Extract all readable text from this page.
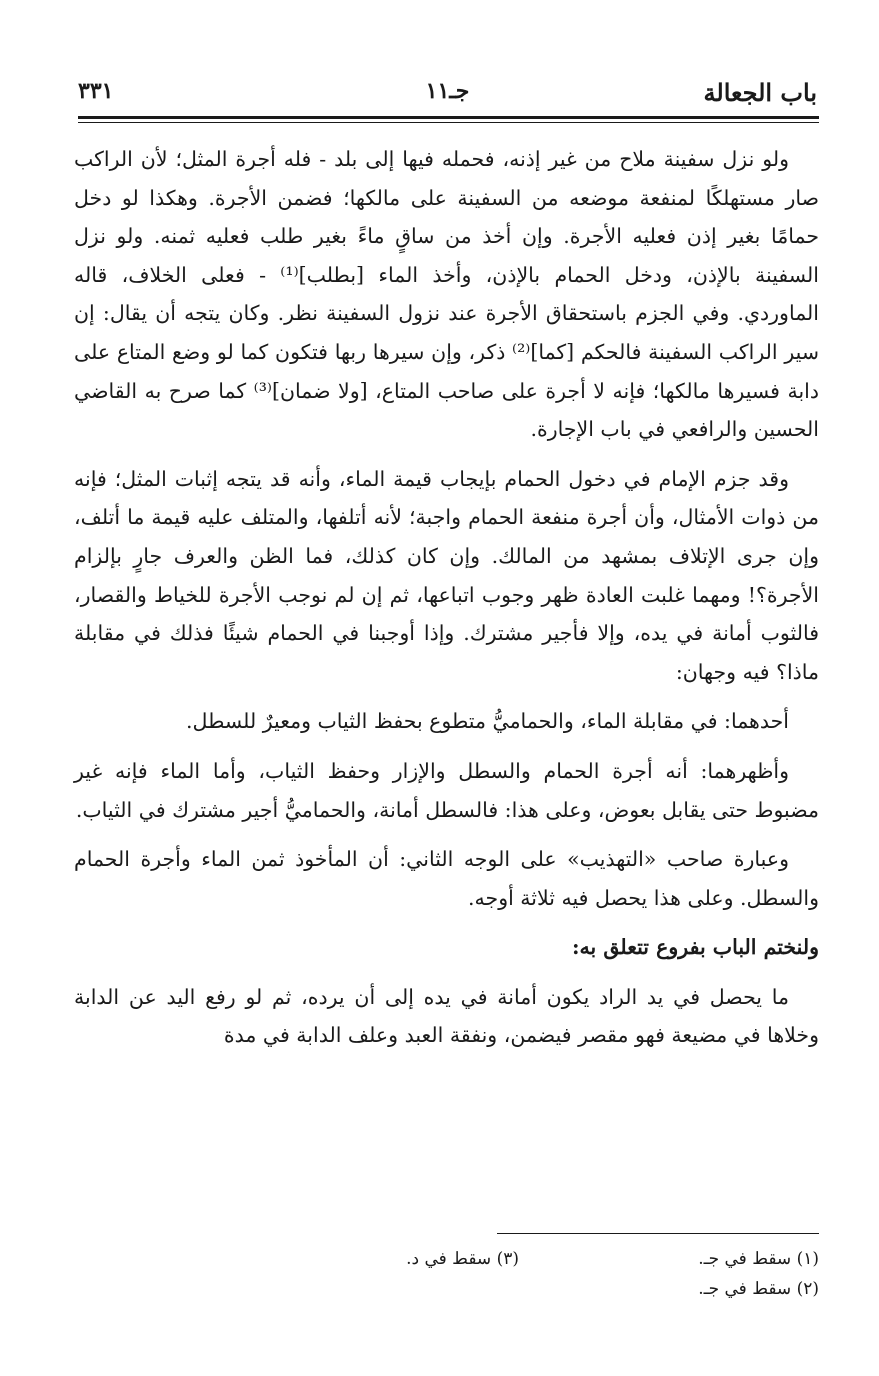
باب الجعالة
جـ١١
٣٣١

ولو نزل سفينة ملاح من غير إذنه، فحمله فيها إلى بلد - فله أجرة المثل؛ لأن الراكب صار مستهلكًا لمنفعة موضعه من السفينة على مالكها؛ فضمن الأجرة. وهكذا لو دخل حمامًا بغير إذن فعليه الأجرة. وإن أخذ من ساقٍ ماءً بغير طلب فعليه ثمنه. ولو نزل السفينة بالإذن، ودخل الحمام بالإذن، وأخذ الماء [بطلب]⁽¹⁾ - فعلى الخلاف، قاله الماوردي. وفي الجزم باستحقاق الأجرة عند نزول السفينة نظر. وكان يتجه أن يقال: إن سير الراكب السفينة فالحكم [كما]⁽²⁾ ذكر، وإن سيرها ربها فتكون كما لو وضع المتاع على دابة فسيرها مالكها؛ فإنه لا أجرة على صاحب المتاع، [ولا ضمان]⁽³⁾ كما صرح به القاضي الحسين والرافعي في باب الإجارة.

وقد جزم الإمام في دخول الحمام بإيجاب قيمة الماء، وأنه قد يتجه إثبات المثل؛ فإنه من ذوات الأمثال، وأن أجرة منفعة الحمام واجبة؛ لأنه أتلفها، والمتلف عليه قيمة ما أتلف، وإن جرى الإتلاف بمشهد من المالك. وإن كان كذلك، فما الظن والعرف جارٍ بإلزام الأجرة؟! ومهما غلبت العادة ظهر وجوب اتباعها، ثم إن لم نوجب الأجرة للخياط والقصار، فالثوب أمانة في يده، وإلا فأجير مشترك. وإذا أوجبنا في الحمام شيئًا فذلك في مقابلة ماذا؟ فيه وجهان:

أحدهما: في مقابلة الماء، والحماميُّ متطوع بحفظ الثياب ومعيرٌ للسطل.

وأظهرهما: أنه أجرة الحمام والسطل والإزار وحفظ الثياب، وأما الماء فإنه غير مضبوط حتى يقابل بعوض، وعلى هذا: فالسطل أمانة، والحماميُّ أجير مشترك في الثياب.

وعبارة صاحب «التهذيب» على الوجه الثاني: أن المأخوذ ثمن الماء وأجرة الحمام والسطل. وعلى هذا يحصل فيه ثلاثة أوجه.

ولنختم الباب بفروع تتعلق به:

ما يحصل في يد الراد يكون أمانة في يده إلى أن يرده، ثم لو رفع اليد عن الدابة وخلاها في مضيعة فهو مقصر فيضمن، ونفقة العبد وعلف الدابة في مدة

(١) سقط في جـ.
(٢) سقط في جـ.
(٣) سقط في د.
